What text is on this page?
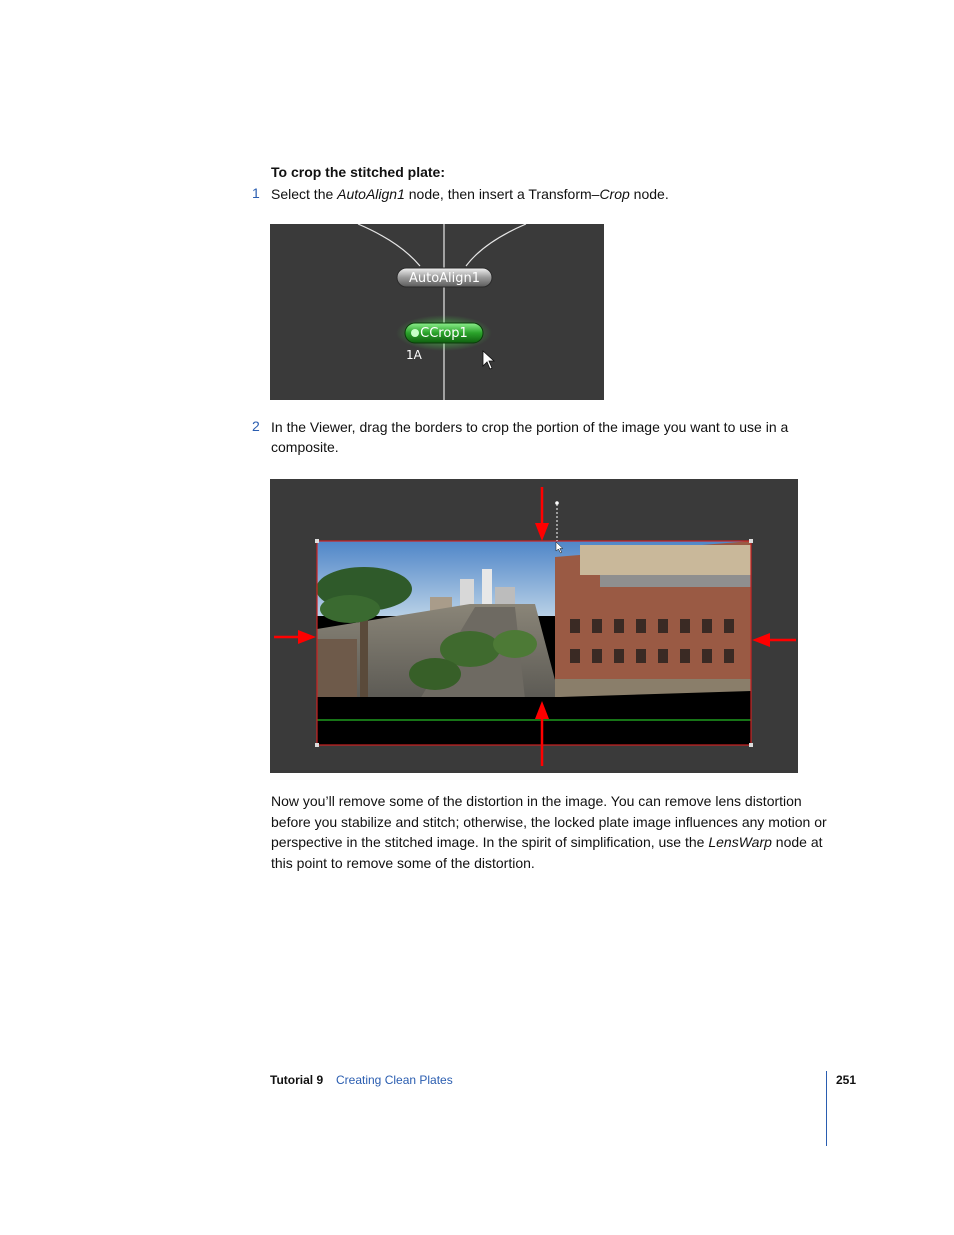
To crop the stitched plate:
1 Select the AutoAlign1 node, then insert a Transform–Crop node.
AutoAlign1
CCrop1
1A
2 In the Viewer, drag the borders to crop the portion of the image you want to use in a composite.
Now you’ll remove some of the distortion in the image. You can remove lens distortion before you stabilize and stitch; otherwise, the locked plate image influences any motion or perspective in the stitched image. In the spirit of simplification, use the LensWarp node at this point to remove some of the distortion.
Tutorial 9 Creating Clean Plates	251
